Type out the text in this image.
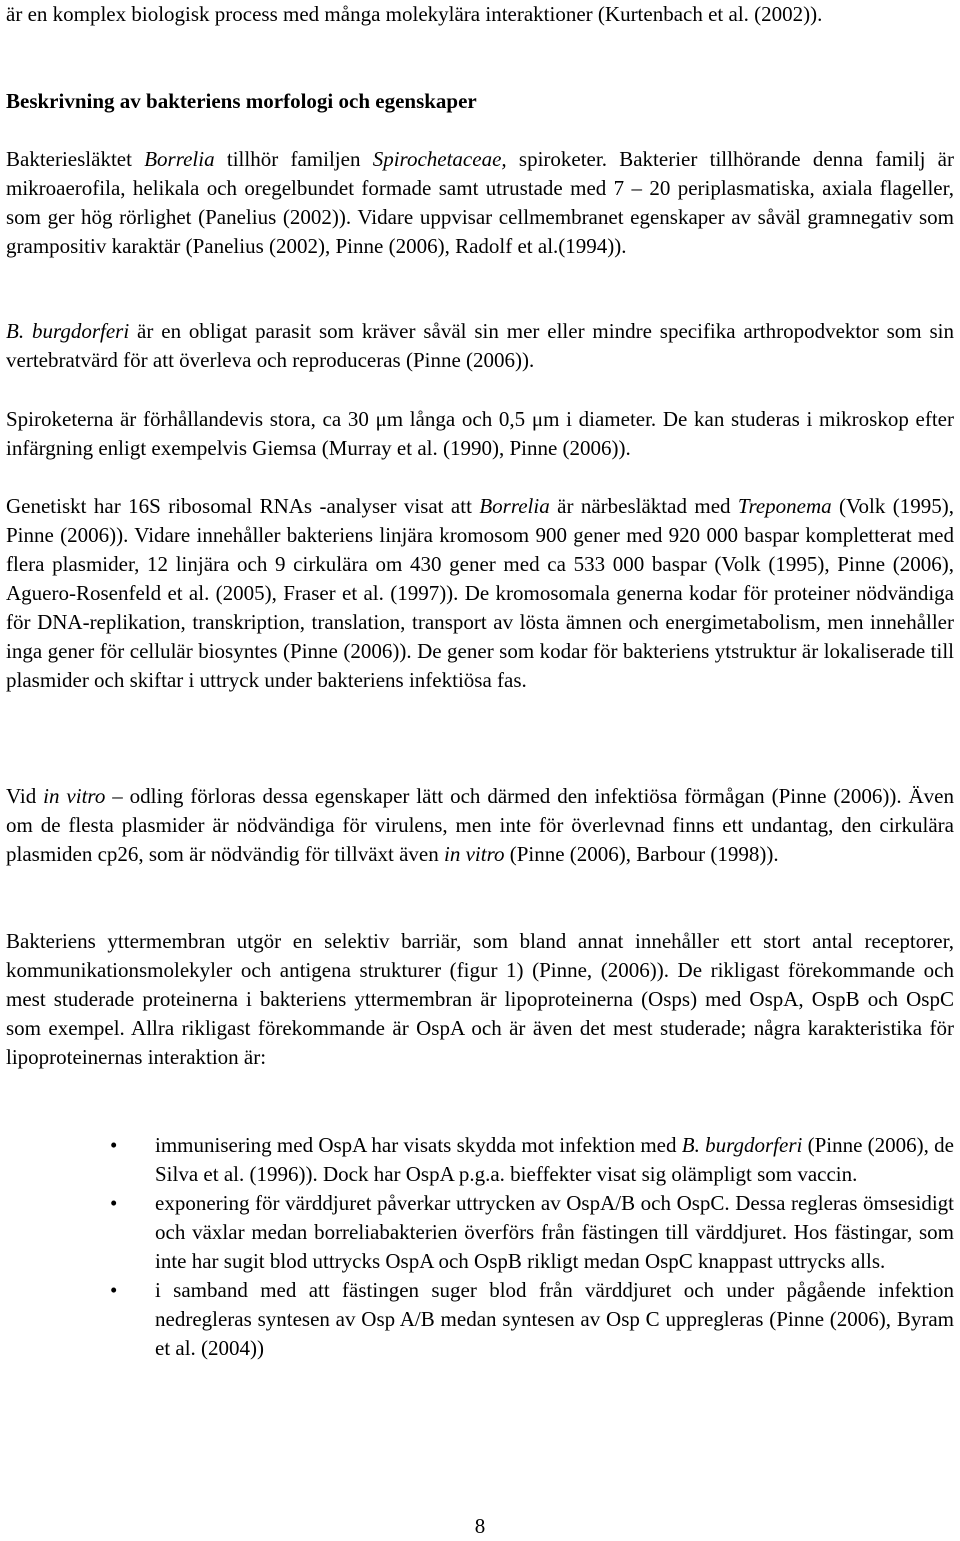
är en komplex biologisk process med många molekylära interaktioner (Kurtenbach et al. (2002)).

Beskrivning av bakteriens morfologi och egenskaper

Bakteriesläktet Borrelia tillhör familjen Spirochetaceae, spiroketer. Bakterier tillhörande denna familj är mikroaerofila, helikala och oregelbundet formade samt utrustade med 7 – 20 periplasmatiska, axiala flageller, som ger hög rörlighet (Panelius (2002)). Vidare uppvisar cellmembranet egenskaper av såväl gramnegativ som grampositiv karaktär (Panelius (2002), Pinne (2006), Radolf et al.(1994)).

B. burgdorferi är en obligat parasit som kräver såväl sin mer eller mindre specifika arthropodvektor som sin vertebratvärd för att överleva och reproduceras (Pinne (2006)).

Spiroketerna är förhållandevis stora, ca 30 μm långa och 0,5 μm i diameter. De kan studeras i mikroskop efter infärgning enligt exempelvis Giemsa (Murray et al. (1990), Pinne (2006)).

Genetiskt har 16S ribosomal RNAs -analyser visat att Borrelia är närbesläktad med Treponema (Volk (1995), Pinne (2006)). Vidare innehåller bakteriens linjära kromosom 900 gener med 920 000 baspar kompletterat med flera plasmider, 12 linjära och 9 cirkulära om 430 gener med ca 533 000 baspar (Volk (1995), Pinne (2006), Aguero-Rosenfeld et al. (2005), Fraser et al. (1997)). De kromosomala generna kodar för proteiner nödvändiga för DNA-replikation, transkription, translation, transport av lösta ämnen och energimetabolism, men innehåller inga gener för cellulär biosyntes (Pinne (2006)). De gener som kodar för bakteriens ytstruktur är lokaliserade till plasmider och skiftar i uttryck under bakteriens infektiösa fas.

Vid in vitro – odling förloras dessa egenskaper lätt och därmed den infektiösa förmågan (Pinne (2006)). Även om de flesta plasmider är nödvändiga för virulens, men inte för överlevnad finns ett undantag, den cirkulära plasmiden cp26, som är nödvändig för tillväxt även in vitro (Pinne (2006), Barbour (1998)).

Bakteriens yttermembran utgör en selektiv barriär, som bland annat innehåller ett stort antal receptorer, kommunikationsmolekyler och antigena strukturer (figur 1) (Pinne, (2006)). De rikligast förekommande och mest studerade proteinerna i bakteriens yttermembran är lipoproteinerna (Osps) med OspA, OspB och OspC som exempel. Allra rikligast förekommande är OspA och är även det mest studerade; några karakteristika för lipoproteinernas interaktion är:

• immunisering med OspA har visats skydda mot infektion med B. burgdorferi (Pinne (2006), de Silva et al. (1996)). Dock har OspA p.g.a. bieffekter visat sig olämpligt som vaccin.
• exponering för värddjuret påverkar uttrycken av OspA/B och OspC. Dessa regleras ömsesidigt och växlar medan borreliabakterien överförs från fästingen till värddjuret. Hos fästingar, som inte har sugit blod uttrycks OspA och OspB rikligt medan OspC knappast uttrycks alls.
• i samband med att fästingen suger blod från värddjuret och under pågående infektion nedregleras syntesen av Osp A/B medan syntesen av Osp C uppregleras (Pinne (2006), Byram et al. (2004))
8
